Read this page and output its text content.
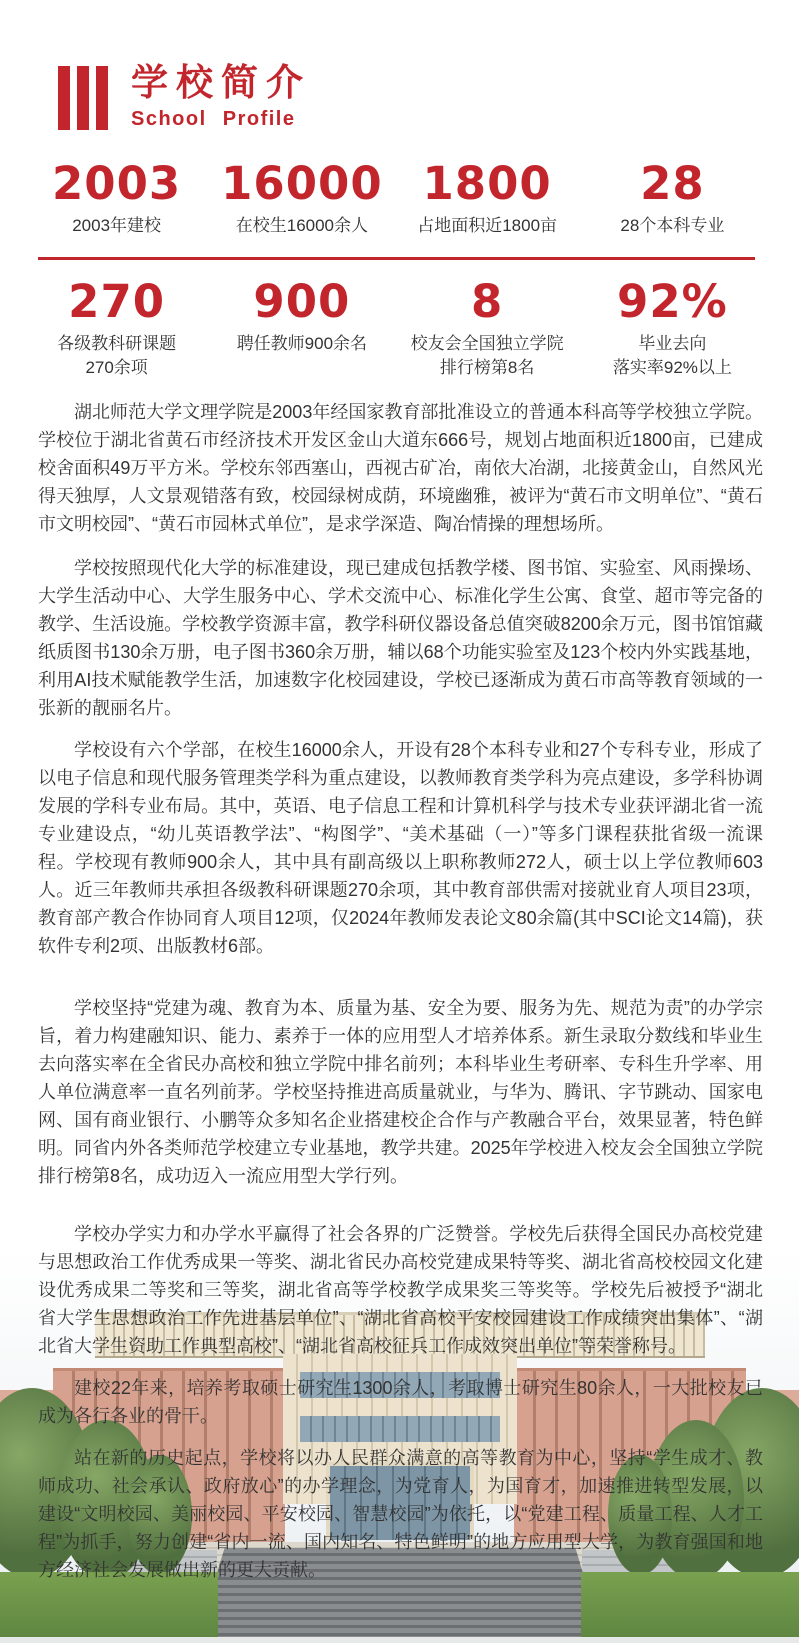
学校简介
School Profile
2003
2003年建校
16000
在校生16000余人
1800
占地面积近1800亩
28
28个本科专业
270
各级教科研课题
270余项
900
聘任教师900余名
8
校友会全国独立学院
排行榜第8名
92%
毕业去向
落实率92%以上

湖北师范大学文理学院是2003年经国家教育部批准设立的普通本科高等学校独立学院。学校位于湖北省黄石市经济技术开发区金山大道东666号，规划占地面积近1800亩，已建成校舍面积49万平方米。学校东邻西塞山，西视古矿冶，南依大冶湖，北接黄金山，自然风光得天独厚，人文景观错落有致，校园绿树成荫，环境幽雅，被评为“黄石市文明单位”、“黄石市文明校园”、“黄石市园林式单位”，是求学深造、陶冶情操的理想场所。

学校按照现代化大学的标准建设，现已建成包括教学楼、图书馆、实验室、风雨操场、大学生活动中心、大学生服务中心、学术交流中心、标准化学生公寓、食堂、超市等完备的教学、生活设施。学校教学资源丰富，教学科研仪器设备总值突破8200余万元，图书馆馆藏纸质图书130余万册，电子图书360余万册，辅以68个功能实验室及123个校内外实践基地，利用AI技术赋能教学生活，加速数字化校园建设，学校已逐渐成为黄石市高等教育领域的一张新的靓丽名片。

学校设有六个学部，在校生16000余人，开设有28个本科专业和27个专科专业，形成了以电子信息和现代服务管理类学科为重点建设，以教师教育类学科为亮点建设，多学科协调发展的学科专业布局。其中，英语、电子信息工程和计算机科学与技术专业获评湖北省一流专业建设点，“幼儿英语教学法”、“构图学”、“美术基础（一）”等多门课程获批省级一流课程。学校现有教师900余人，其中具有副高级以上职称教师272人，硕士以上学位教师603人。近三年教师共承担各级教科研课题270余项，其中教育部供需对接就业育人项目23项，教育部产教合作协同育人项目12项，仅2024年教师发表论文80余篇(其中SCI论文14篇)，获软件专利2项、出版教材6部。

学校坚持“党建为魂、教育为本、质量为基、安全为要、服务为先、规范为责”的办学宗旨，着力构建融知识、能力、素养于一体的应用型人才培养体系。新生录取分数线和毕业生去向落实率在全省民办高校和独立学院中排名前列；本科毕业生考研率、专科生升学率、用人单位满意率一直名列前茅。学校坚持推进高质量就业，与华为、腾讯、字节跳动、国家电网、国有商业银行、小鹏等众多知名企业搭建校企合作与产教融合平台，效果显著，特色鲜明。同省内外各类师范学校建立专业基地，教学共建。2025年学校进入校友会全国独立学院排行榜第8名，成功迈入一流应用型大学行列。

学校办学实力和办学水平赢得了社会各界的广泛赞誉。学校先后获得全国民办高校党建与思想政治工作优秀成果一等奖、湖北省民办高校党建成果特等奖、湖北省高校校园文化建设优秀成果二等奖和三等奖，湖北省高等学校教学成果奖三等奖等。学校先后被授予“湖北省大学生思想政治工作先进基层单位”、“湖北省高校平安校园建设工作成绩突出集体”、“湖北省大学生资助工作典型高校”、“湖北省高校征兵工作成效突出单位”等荣誉称号。

建校22年来，培养考取硕士研究生1300余人，考取博士研究生80余人，一大批校友已成为各行各业的骨干。

站在新的历史起点，学校将以办人民群众满意的高等教育为中心，坚持“学生成才、教师成功、社会承认、政府放心”的办学理念，为党育人，为国育才，加速推进转型发展，以建设“文明校园、美丽校园、平安校园、智慧校园”为依托，以“党建工程、质量工程、人才工程”为抓手，努力创建“省内一流、国内知名、特色鲜明”的地方应用型大学，为教育强国和地方经济社会发展做出新的更大贡献。
